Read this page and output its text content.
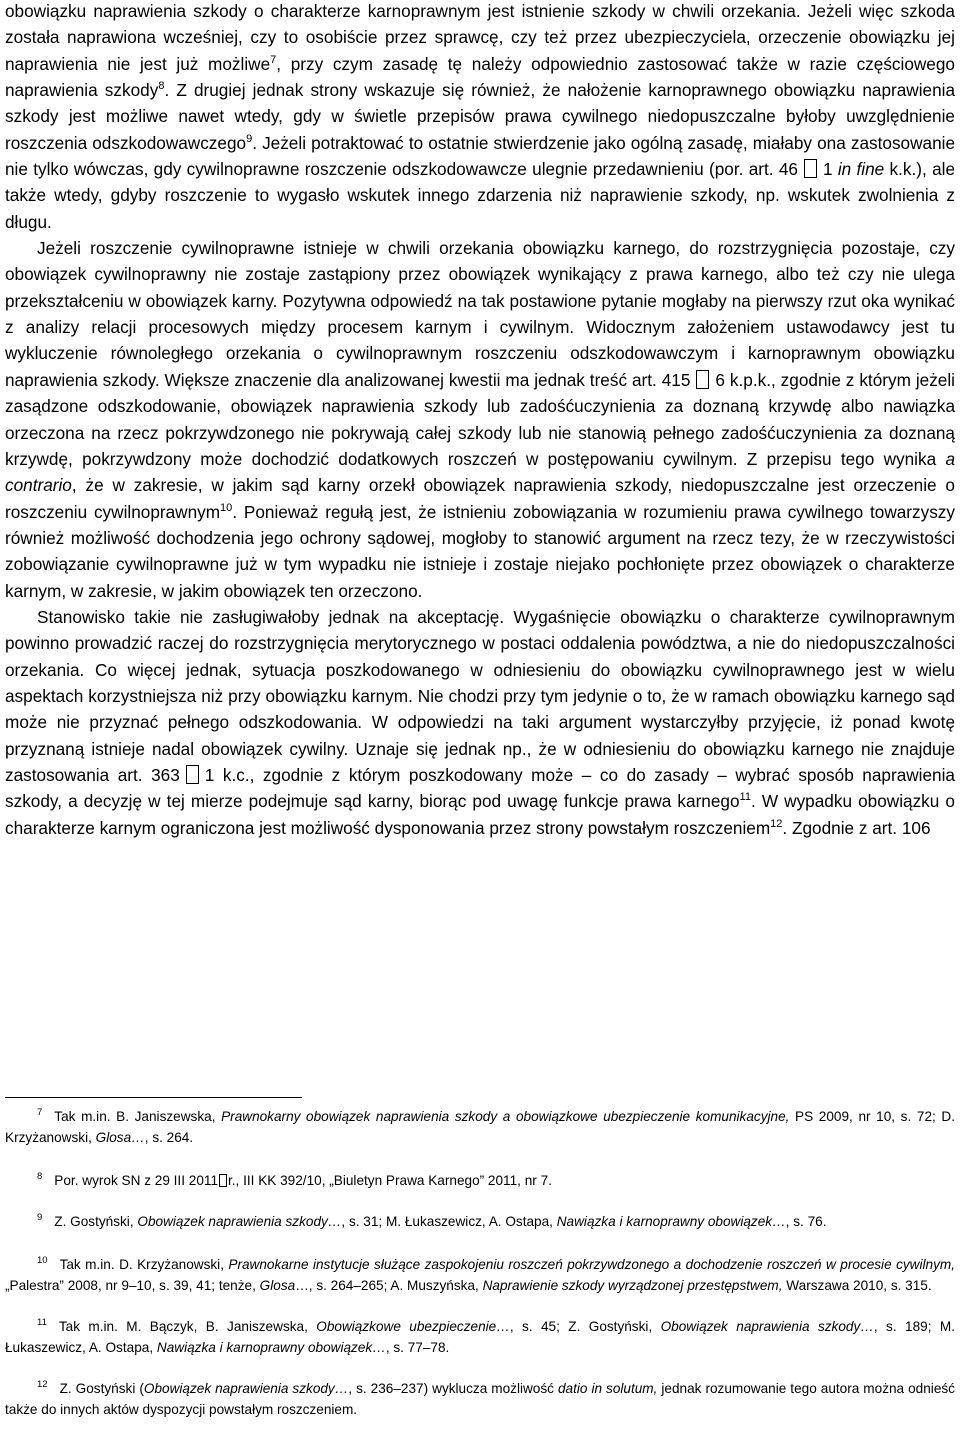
obowiązku naprawienia szkody o charakterze karnoprawnym jest istnienie szkody w chwili orzekania. Jeżeli więc szkoda została naprawiona wcześniej, czy to osobiście przez sprawcę, czy też przez ubezpieczyciela, orzeczenie obowiązku jej naprawienia nie jest już możliwe$^7$, przy czym zasadę tę należy odpowiednio zastosować także w razie częściowego naprawienia szkody$^8$. Z drugiej jednak strony wskazuje się również, że nałożenie karnoprawnego obowiązku naprawienia szkody jest możliwe nawet wtedy, gdy w świetle przepisów prawa cywilnego niedopuszczalne byłoby uwzględnienie roszczenia odszkodowawczego$^9$. Jeżeli potraktować to ostatnie stwierdzenie jako ogólną zasadę, miałaby ona zastosowanie nie tylko wówczas, gdy cywilnoprawne roszczenie odszkodowawcze ulegnie przedawnieniu (por. art. 46 1 in fine k.k.), ale także wtedy, gdyby roszczenie to wygasło wskutek innego zdarzenia niż naprawienie szkody, np. wskutek zwolnienia z długu.

Jeżeli roszczenie cywilnoprawne istnieje w chwili orzekania obowiązku karnego, do rozstrzygnięcia pozostaje, czy obowiązek cywilnoprawny nie zostaje zastąpiony przez obowiązek wynikający z prawa karnego, albo też czy nie ulega przekształceniu w obowiązek karny. Pozytywna odpowiedź na tak postawione pytanie mogłaby na pierwszy rzut oka wynikać z analizy relacji procesowych między procesem karnym i cywilnym. Widocznym założeniem ustawodawcy jest tu wykluczenie równoległego orzekania o cywilnoprawnym roszczeniu odszkodowawczym i karnoprawnym obowiązku naprawienia szkody. Większe znaczenie dla analizowanej kwestii ma jednak treść art. 415 6 k.p.k., zgodnie z którym jeżeli zasądzone odszkodowanie, obowiązek naprawienia szkody lub zadośćuczynienia za doznaną krzywdę albo nawiązka orzeczona na rzecz pokrzywdzonego nie pokrywają całej szkody lub nie stanowią pełnego zadośćuczynienia za doznaną krzywdę, pokrzywdzony może dochodzić dodatkowych roszczeń w postępowaniu cywilnym. Z przepisu tego wynika a contrario, że w zakresie, w jakim sąd karny orzekł obowiązek naprawienia szkody, niedopuszczalne jest orzeczenie o roszczeniu cywilnoprawnym$^{10}$. Ponieważ regułą jest, że istnieniu zobowiązania w rozumieniu prawa cywilnego towarzyszy również możliwość dochodzenia jego ochrony sądowej, mogłoby to stanowić argument na rzecz tezy, że w rzeczywistości zobowiązanie cywilnoprawne już w tym wypadku nie istnieje i zostaje niejako pochłonięte przez obowiązek o charakterze karnym, w zakresie, w jakim obowiązek ten orzeczono.

Stanowisko takie nie zasługiwałoby jednak na akceptację. Wygaśnięcie obowiązku o charakterze cywilnoprawnym powinno prowadzić raczej do rozstrzygnięcia merytorycznego w postaci oddalenia powództwa, a nie do niedopuszczalności orzekania. Co więcej jednak, sytuacja poszkodowanego w odniesieniu do obowiązku cywilnoprawnego jest w wielu aspektach korzystniejsza niż przy obowiązku karnym. Nie chodzi przy tym jedynie o to, że w ramach obowiązku karnego sąd może nie przyznać pełnego odszkodowania. W odpowiedzi na taki argument wystarczyłby przyjęcie, iż ponad kwotę przyznaną istnieje nadal obowiązek cywilny. Uznaje się jednak np., że w odniesieniu do obowiązku karnego nie znajduje zastosowania art. 363 1 k.c., zgodnie z którym poszkodowany może – co do zasady – wybrać sposób naprawienia szkody, a decyzję w tej mierze podejmuje sąd karny, biorąc pod uwagę funkcje prawa karnego$^{11}$. W wypadku obowiązku o charakterze karnym ograniczona jest możliwość dysponowania przez strony powstałym roszczeniem$^{12}$. Zgodnie z art. 106

7 Tak m.in. B. Janiszewska, Prawnokarny obowiązek naprawienia szkody a obowiązkowe ubezpieczenie komunikacyjne, PS 2009, nr 10, s. 72; D. Krzyżanowski, Glosa…, s. 264.

8 Por. wyrok SN z 29 III 2011 r., III KK 392/10, „Biuletyn Prawa Karnego” 2011, nr 7.

9 Z. Gostyński, Obowiązek naprawienia szkody…, s. 31; M. Łukaszewicz, A. Ostapa, Nawiązka i karnoprawny obowiązek…, s. 76.

10 Tak m.in. D. Krzyżanowski, Prawnokarne instytucje służące zaspokojeniu roszczeń pokrzywdzonego a dochodzenie roszczeń w procesie cywilnym, „Palestra” 2008, nr 9–10, s. 39, 41; tenże, Glosa…, s. 264–265; A. Muszyńska, Naprawienie szkody wyrządzonej przestępstwem, Warszawa 2010, s. 315.

11 Tak m.in. M. Bączyk, B. Janiszewska, Obowiązkowe ubezpieczenie…, s. 45; Z. Gostyński, Obowiązek naprawienia szkody…, s. 189; M. Łukaszewicz, A. Ostapa, Nawiązka i karnoprawny obowiązek…, s. 77–78.

12 Z. Gostyński (Obowiązek naprawienia szkody…, s. 236–237) wyklucza możliwość datio in solutum, jednak rozumowanie tego autora można odnieść także do innych aktów dyspozycji powstałym roszczeniem.
